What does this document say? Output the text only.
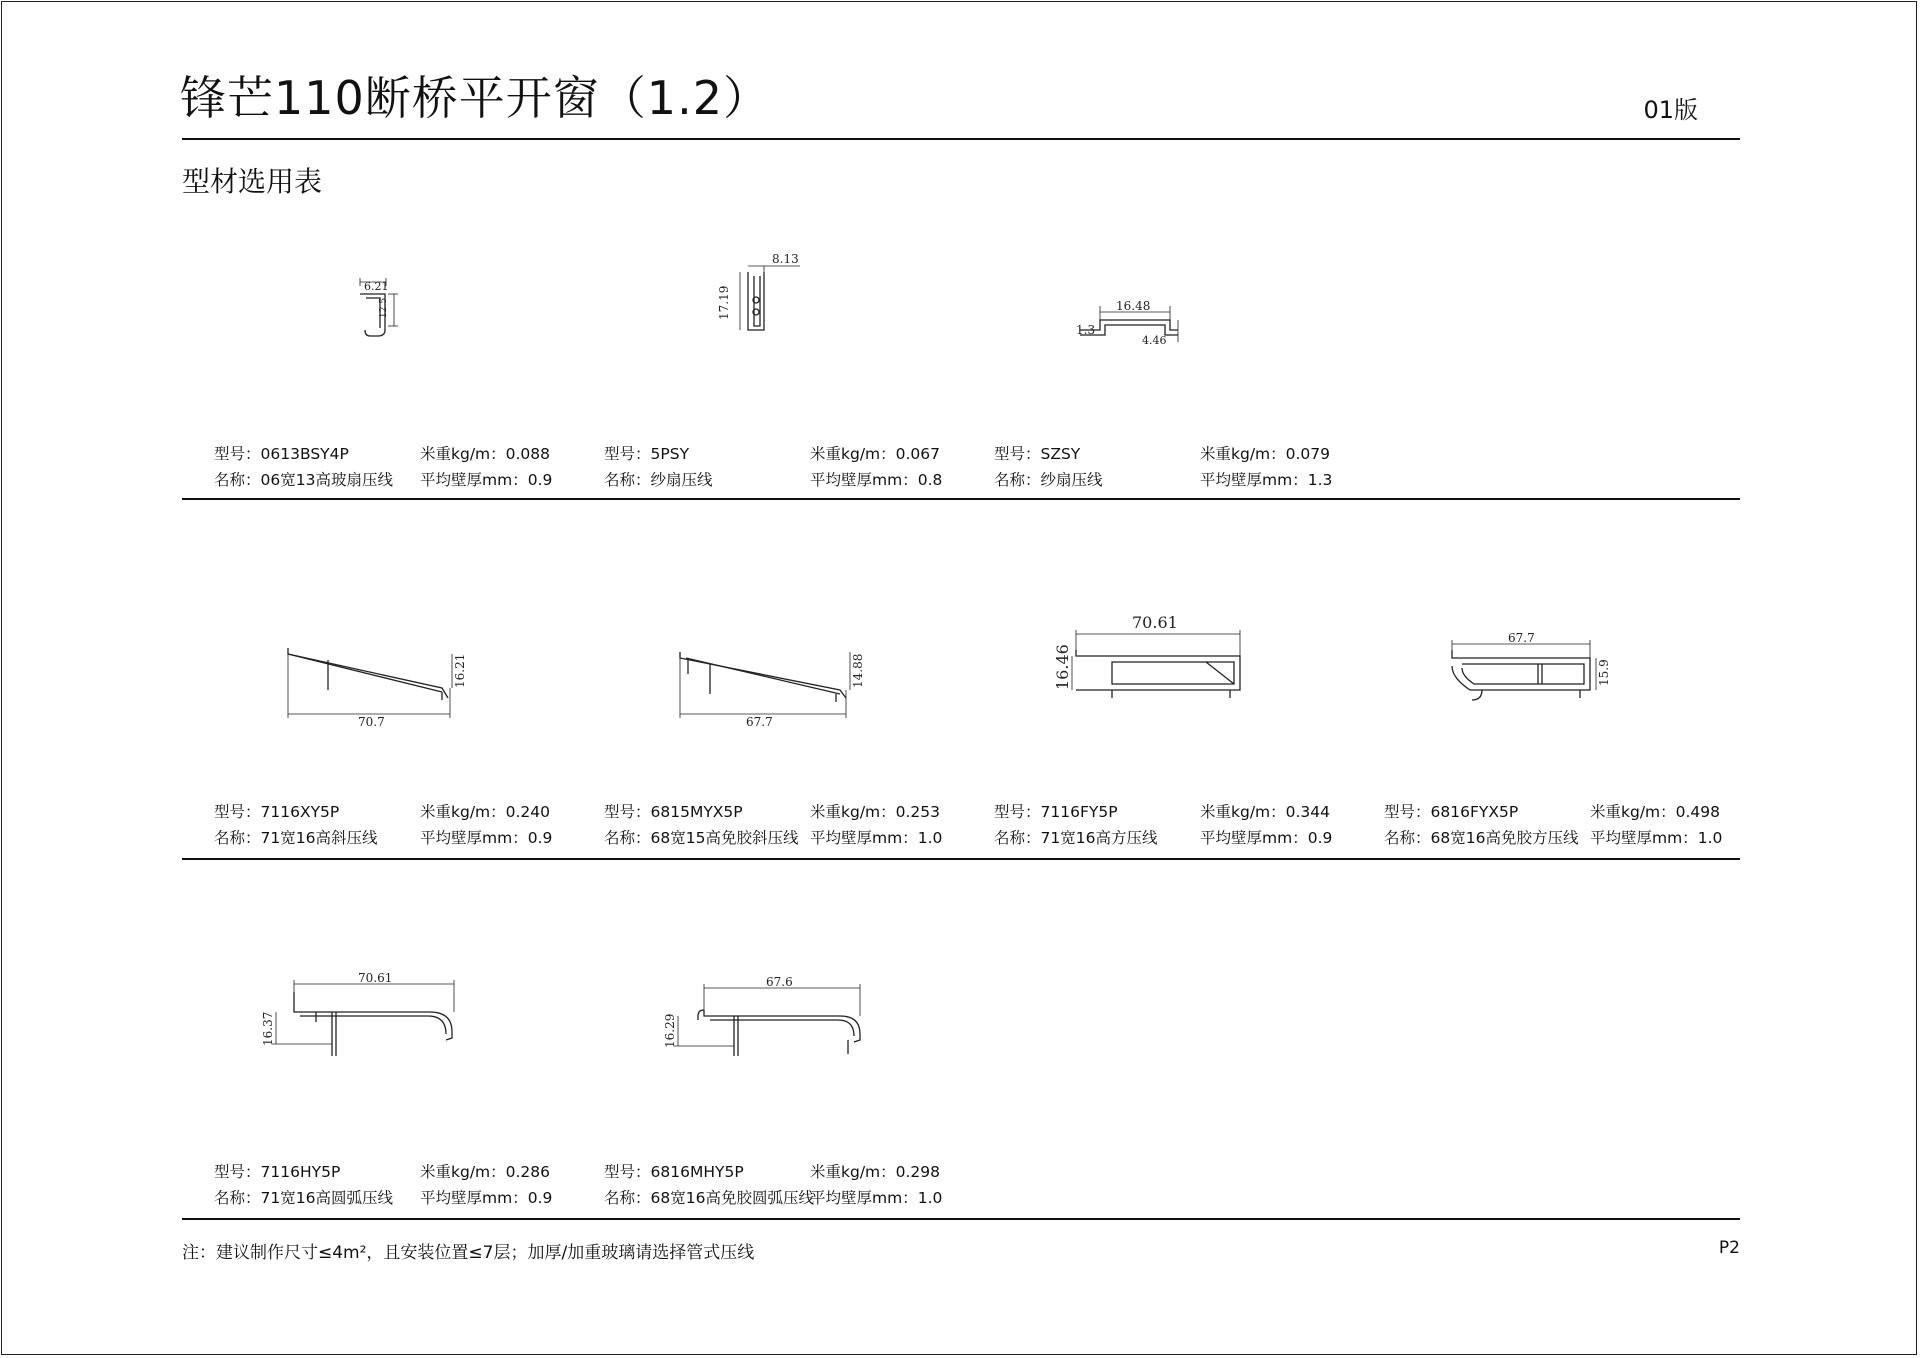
锋芒110断桥平开窗（1.2）	01版
型材选用表
6.21
12.5
型号：0613BSY4P
名称：06宽13高玻扇压线
米重kg/m：0.088
平均壁厚mm：0.9
8.13
17.19
型号：5PSY
名称：纱扇压线
米重kg/m：0.067
平均壁厚mm：0.8
16.48
1.3
4.46
型号：SZSY
名称：纱扇压线
米重kg/m：0.079
平均壁厚mm：1.3
70.7
16.21
型号：7116XY5P
名称：71宽16高斜压线
米重kg/m：0.240
平均壁厚mm：0.9
67.7
14.88
型号：6815MYX5P
名称：68宽15高免胶斜压线
米重kg/m：0.253
平均壁厚mm：1.0
70.61
16.46
型号：7116FY5P
名称：71宽16高方压线
米重kg/m：0.344
平均壁厚mm：0.9
67.7
15.9
型号：6816FYX5P
名称：68宽16高免胶方压线
米重kg/m：0.498
平均壁厚mm：1.0
70.61
16.37
型号：7116HY5P
名称：71宽16高圆弧压线
米重kg/m：0.286
平均壁厚mm：0.9
67.6
16.29
型号：6816MHY5P
名称：68宽16高免胶圆弧压线
米重kg/m：0.298
平均壁厚mm：1.0
注：建议制作尺寸≤4m²，且安装位置≤7层；加厚/加重玻璃请选择管式压线	P2
